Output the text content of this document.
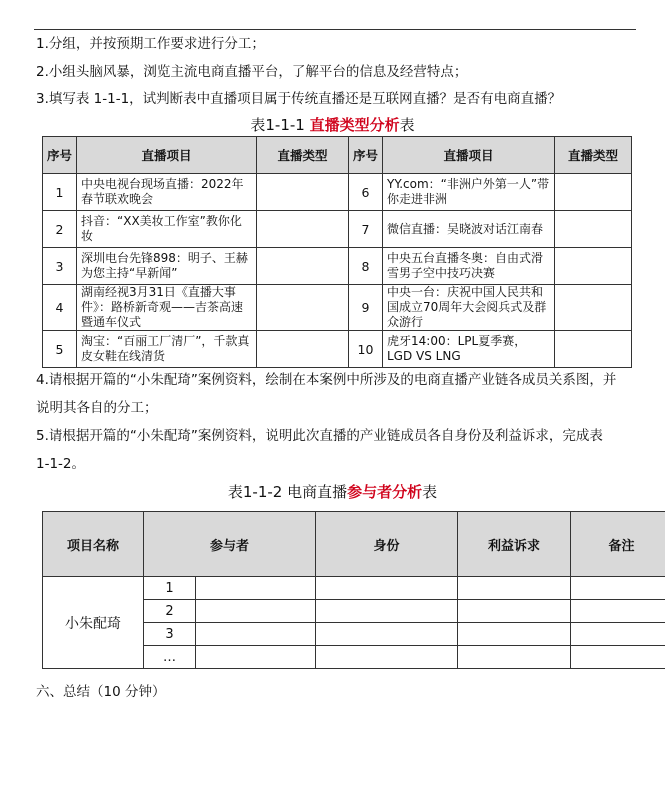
1.分组，并按预期工作要求进行分工；
2.小组头脑风暴，浏览主流电商直播平台，了解平台的信息及经营特点；
3.填写表 1-1-1，试判断表中直播项目属于传统直播还是互联网直播？是否有电商直播？
表1-1-1 直播类型分析表
序号	直播项目	直播类型	序号	直播项目	直播类型
1	中央电视台现场直播：2022年春节联欢晚会		6	YY.com：“非洲户外第一人”带你走进非洲	
2	抖音：“XX美妆工作室”教你化妆		7	微信直播：吴晓波对话江南春	
3	深圳电台先锋898：明子、王赫为您主持“早新闻”		8	中央五台直播冬奥：自由式滑雪男子空中技巧决赛	
4	湖南经视3月31日《直播大事件》：路桥新奇观——吉茶高速暨通车仪式		9	中央一台：庆祝中国人民共和国成立70周年大会阅兵式及群众游行	
5	淘宝：“百丽工厂清厂”，千款真皮女鞋在线清货		10	虎牙14:00：LPL夏季赛，LGD VS LNG	
4.请根据开篇的“小朱配琦”案例资料，绘制在本案例中所涉及的电商直播产业链各成员关系图，并
说明其各自的分工；
5.请根据开篇的“小朱配琦”案例资料，说明此次直播的产业链成员各自身份及利益诉求，完成表
1-1-2。
表1-1-2 电商直播参与者分析表
项目名称	参与者		身份	利益诉求	备注
小朱配琦	1				
	2				
	3				
	…				
六、总结（10 分钟）
